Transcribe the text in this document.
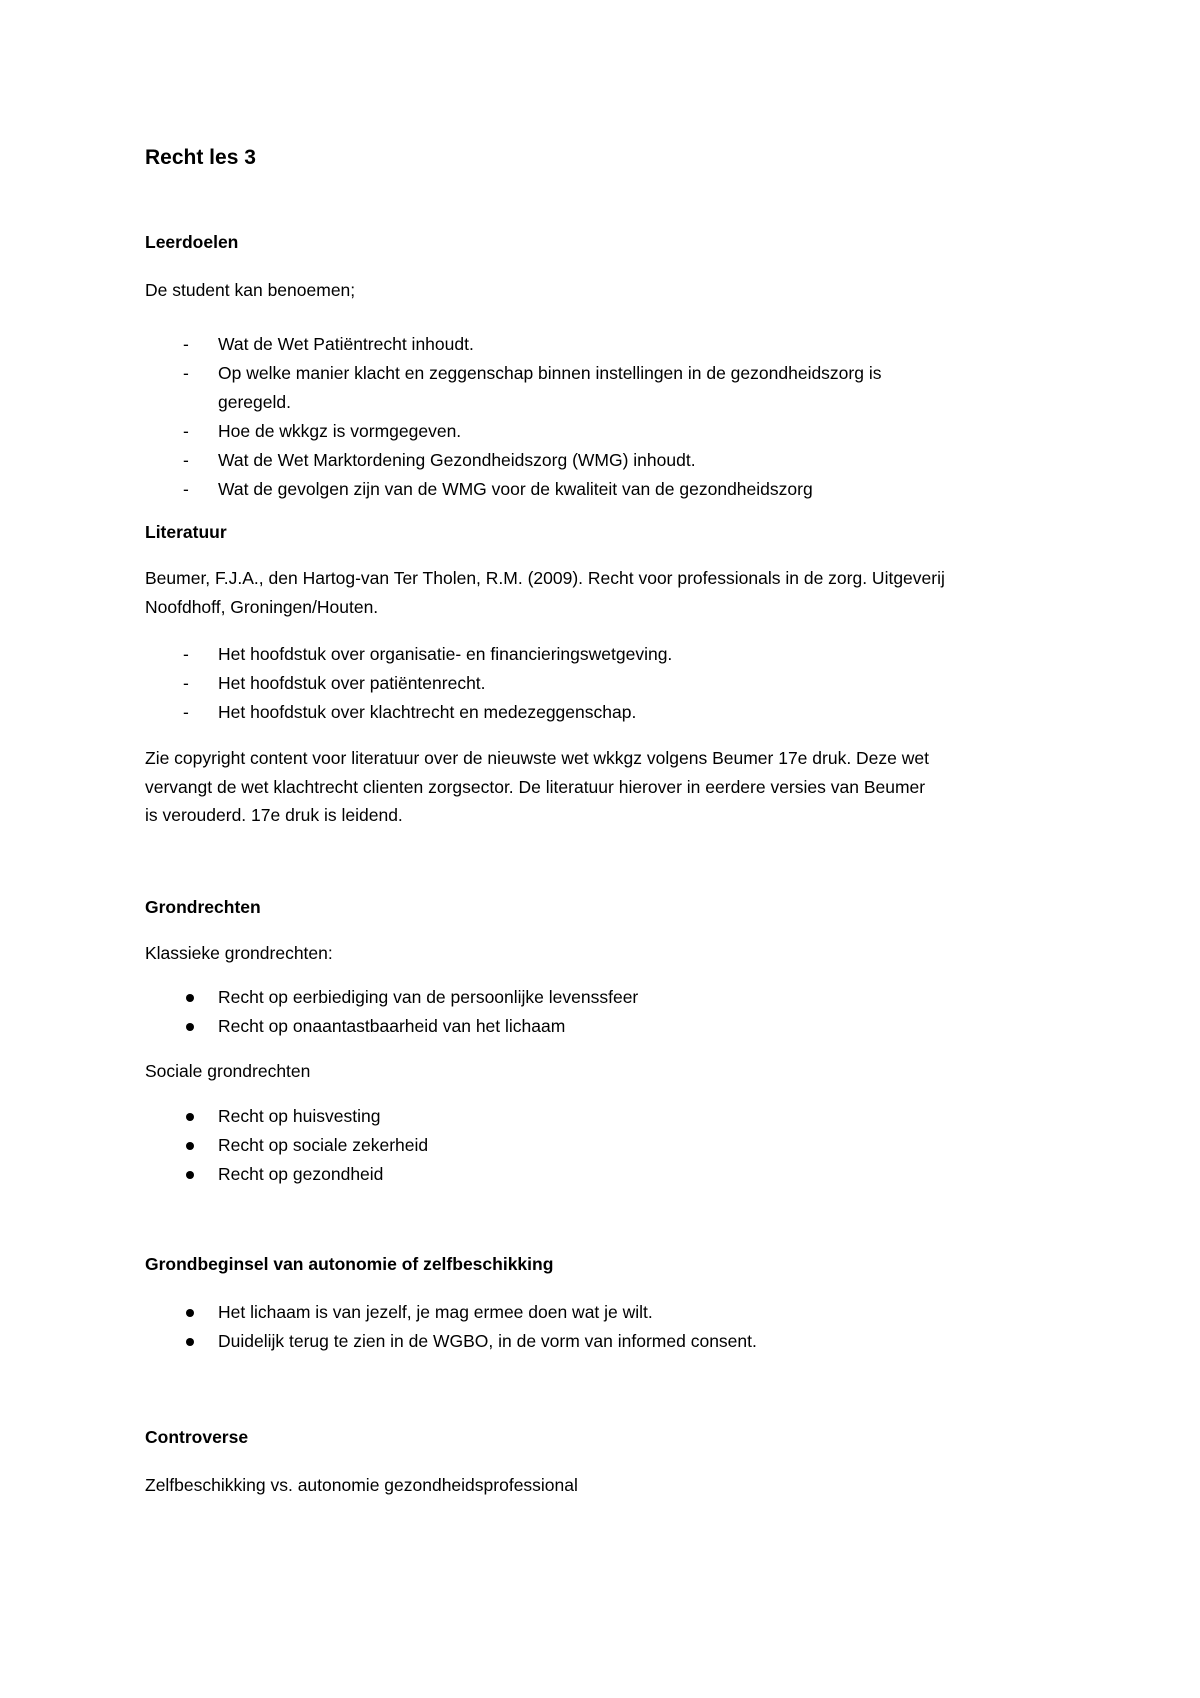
Recht les 3
Leerdoelen
De student kan benoemen;
-	Wat de Wet Patiëntrecht inhoudt.
-	Op welke manier klacht en zeggenschap binnen instellingen in de gezondheidszorg is
geregeld.
-	Hoe de wkkgz is vormgegeven.
-	Wat de Wet Marktordening Gezondheidszorg (WMG) inhoudt.
-	Wat de gevolgen zijn van de WMG voor de kwaliteit van de gezondheidszorg
Literatuur
Beumer, F.J.A., den Hartog-van Ter Tholen, R.M. (2009). Recht voor professionals in de zorg. Uitgeverij
Noofdhoff, Groningen/Houten.
-	Het hoofdstuk over organisatie- en financieringswetgeving.
-	Het hoofdstuk over patiëntenrecht.
-	Het hoofdstuk over klachtrecht en medezeggenschap.
Zie copyright content voor literatuur over de nieuwste wet wkkgz volgens Beumer 17e druk. Deze wet
vervangt de wet klachtrecht clienten zorgsector. De literatuur hierover in eerdere versies van Beumer
is verouderd. 17e druk is leidend.
Grondrechten
Klassieke grondrechten:
Recht op eerbiediging van de persoonlijke levenssfeer
Recht op onaantastbaarheid van het lichaam
Sociale grondrechten
Recht op huisvesting
Recht op sociale zekerheid
Recht op gezondheid
Grondbeginsel van autonomie of zelfbeschikking
Het lichaam is van jezelf, je mag ermee doen wat je wilt.
Duidelijk terug te zien in de WGBO, in de vorm van informed consent.
Controverse
Zelfbeschikking vs. autonomie gezondheidsprofessional
